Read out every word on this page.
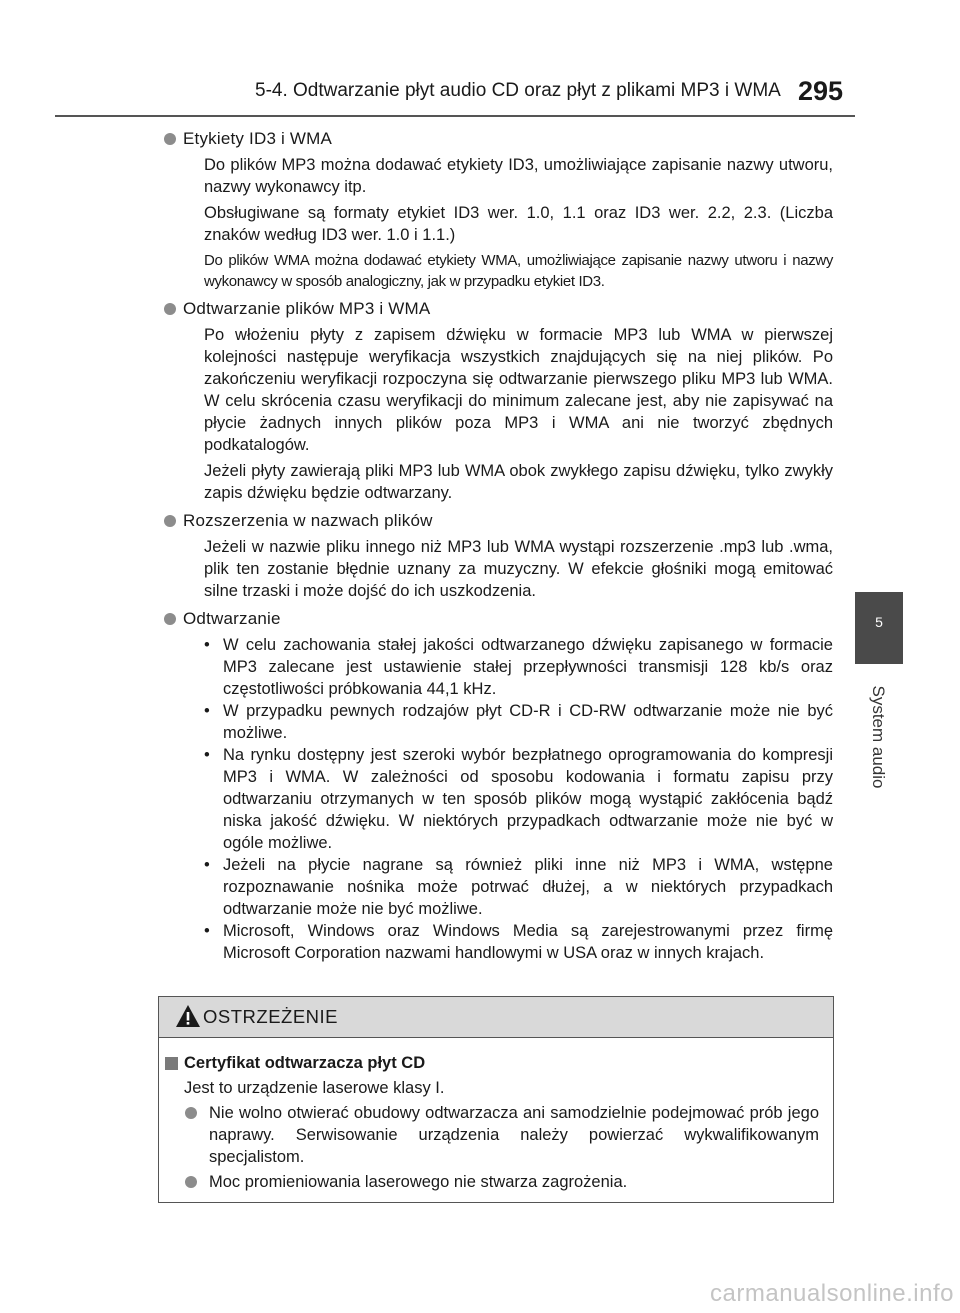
5-4. Odtwarzanie płyt audio CD oraz płyt z plikami MP3 i WMA 295
5
System audio
Etykiety ID3 i WMA
Do plików MP3 można dodawać etykiety ID3, umożliwiające zapisanie nazwy utworu, nazwy wykonawcy itp.
Obsługiwane są formaty etykiet ID3 wer. 1.0, 1.1 oraz ID3 wer. 2.2, 2.3. (Liczba znaków według ID3 wer. 1.0 i 1.1.)
Do plików WMA można dodawać etykiety WMA, umożliwiające zapisanie nazwy utworu i nazwy wykonawcy w sposób analogiczny, jak w przypadku etykiet ID3.
Odtwarzanie plików MP3 i WMA
Po włożeniu płyty z zapisem dźwięku w formacie MP3 lub WMA w pierwszej kolejności następuje weryfikacja wszystkich znajdujących się na niej plików. Po zakończeniu weryfikacji rozpoczyna się odtwarzanie pierwszego pliku MP3 lub WMA. W celu skrócenia czasu weryfikacji do minimum zalecane jest, aby nie zapisywać na płycie żadnych innych plików poza MP3 i WMA ani nie tworzyć zbędnych podkatalogów.
Jeżeli płyty zawierają pliki MP3 lub WMA obok zwykłego zapisu dźwięku, tylko zwykły zapis dźwięku będzie odtwarzany.
Rozszerzenia w nazwach plików
Jeżeli w nazwie pliku innego niż MP3 lub WMA wystąpi rozszerzenie .mp3 lub .wma, plik ten zostanie błędnie uznany za muzyczny. W efekcie głośniki mogą emitować silne trzaski i może dojść do ich uszkodzenia.
Odtwarzanie
• W celu zachowania stałej jakości odtwarzanego dźwięku zapisanego w formacie MP3 zalecane jest ustawienie stałej przepływności transmisji 128 kb/s oraz częstotliwości próbkowania 44,1 kHz.
• W przypadku pewnych rodzajów płyt CD-R i CD-RW odtwarzanie może nie być możliwe.
• Na rynku dostępny jest szeroki wybór bezpłatnego oprogramowania do kompresji MP3 i WMA. W zależności od sposobu kodowania i formatu zapisu przy odtwarzaniu otrzymanych w ten sposób plików mogą wystąpić zakłócenia bądź niska jakość dźwięku. W niektórych przypadkach odtwarzanie może nie być w ogóle możliwe.
• Jeżeli na płycie nagrane są również pliki inne niż MP3 i WMA, wstępne rozpoznawanie nośnika może potrwać dłużej, a w niektórych przypadkach odtwarzanie może nie być możliwe.
• Microsoft, Windows oraz Windows Media są zarejestrowanymi przez firmę Microsoft Corporation nazwami handlowymi w USA oraz w innych krajach.
OSTRZEŻENIE
Certyfikat odtwarzacza płyt CD
Jest to urządzenie laserowe klasy I.
Nie wolno otwierać obudowy odtwarzacza ani samodzielnie podejmować prób jego naprawy. Serwisowanie urządzenia należy powierzać wykwalifikowanym specjalistom.
Moc promieniowania laserowego nie stwarza zagrożenia.
carmanualsonline.info
